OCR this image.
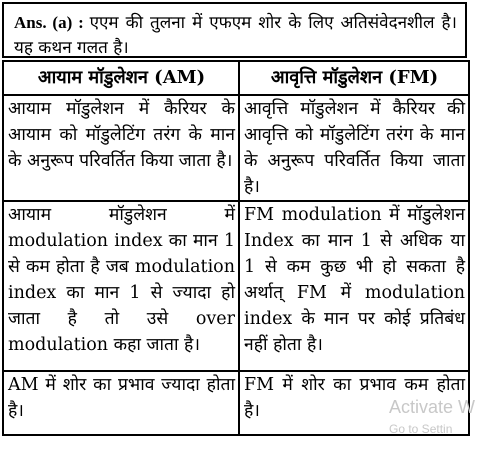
Ans. (a) : एएम की तुलना में एफएम शोर के लिए अतिसंवेदनशील है। यह कथन गलत है।
आयाम मॉडुलेशन (AM)	आवृत्ति मॉडुलेशन (FM)
आयाम मॉडुलेशन में कैरियर के आयाम को मॉडुलेटिंग तरंग के मान के अनुरूप परिवर्तित किया जाता है।	आवृत्ति मॉडुलेशन में कैरियर की आवृत्ति को मॉडुलेटिंग तरंग के मान के अनुरूप परिवर्तित किया जाता है।
आयाम मॉडुलेशन में modulation index का मान 1 से कम होता है जब modulation index का मान 1 से ज्यादा हो जाता है तो उसे over modulation कहा जाता है।	FM modulation में मॉडुलेशन Index का मान 1 से अधिक या 1 से कम कुछ भी हो सकता है अर्थात् FM में modulation index के मान पर कोई प्रतिबंध नहीं होता है।
AM में शोर का प्रभाव ज्यादा होता है।	FM में शोर का प्रभाव कम होता है।	Activate W
Go to Settin
